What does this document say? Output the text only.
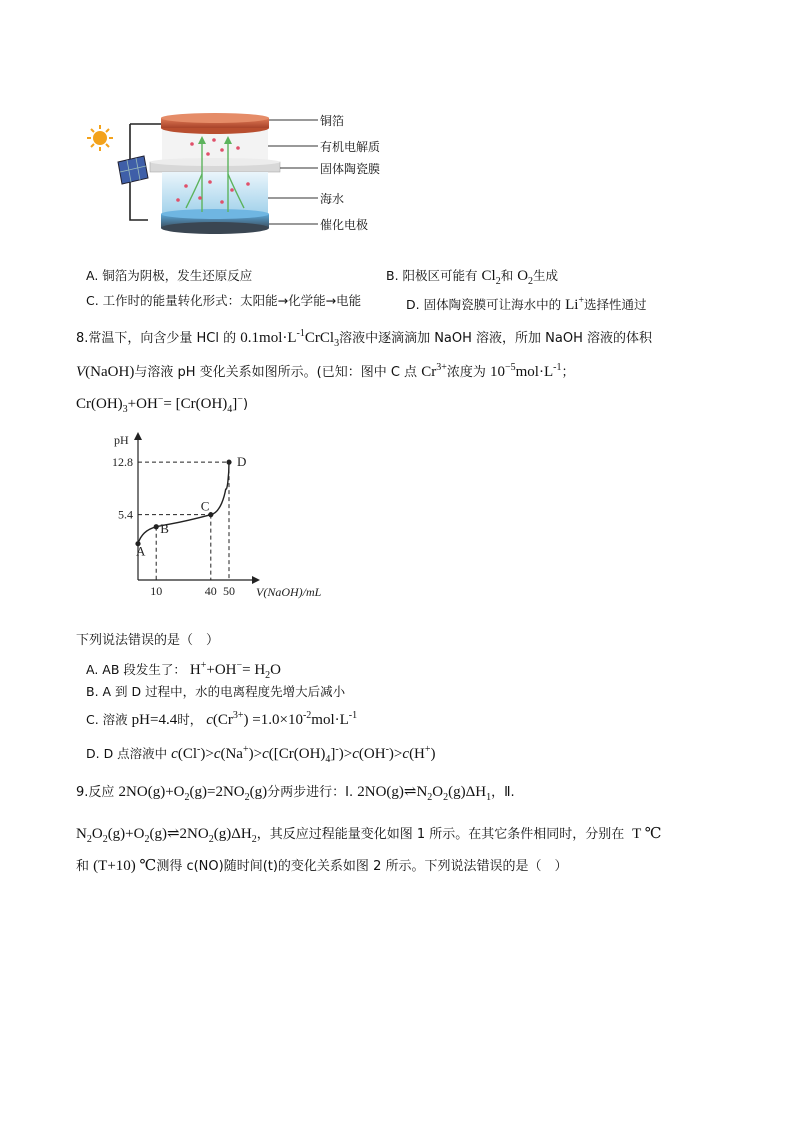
铜箔
有机电解质
固体陶瓷膜
海水
催化电极
A. 铜箔为阴极，发生还原反应	B. 阳极区可能有 $Cl_2$和 $O_2$生成
C. 工作时的能量转化形式：太阳能→化学能→电能	D. 固体陶瓷膜可让海水中的 Li+选择性通过
8.常温下，向含少量 HCl 的 $0.1mol\cdot L^{-1}CrCl_3$溶液中逐滴滴加 NaOH 溶液，所加 NaOH 溶液的体积
V(NaOH)与溶液 pH 变化关系如图所示。(已知：图中 C 点 $Cr^{3+}$浓度为 $10^{-5}mol\cdot L^{-1}$；
$Cr(OH)_3+OH^-= [Cr(OH)_4]^-$)
A
B
C
D
10	40 50
5.4
12.8
pH
V(NaOH)/mL
下列说法错误的是（　）
A. AB 段发生了： $H^++OH^-= H_2O$
B. A 到 D 过程中，水的电离程度先增大后减小
C. 溶液 pH=4.4时， $c(Cr^{3+}) =1.0\times 10^{-2}mol\cdot L^{-1}$
D. D 点溶液中 $c(Cl^-)>c(Na^+)>c([Cr(OH)_4]^-)>c(OH^-)>c(H^+)$
9.反应 $2NO(g)+O_2(g)=2NO_2(g)$分两步进行：Ⅰ. $2NO(g)\rightleftharpoons N_2O_2(g)\Delta H_1$，Ⅱ.
$N_2O_2(g)+O_2(g)\rightleftharpoons 2NO_2(g)\Delta H_2$，其反应过程能量变化如图 1 所示。在其它条件相同时，分别在  T ℃
和 (T+10) ℃测得 c(NO)随时间(t)的变化关系如图 2 所示。下列说法错误的是（　）
